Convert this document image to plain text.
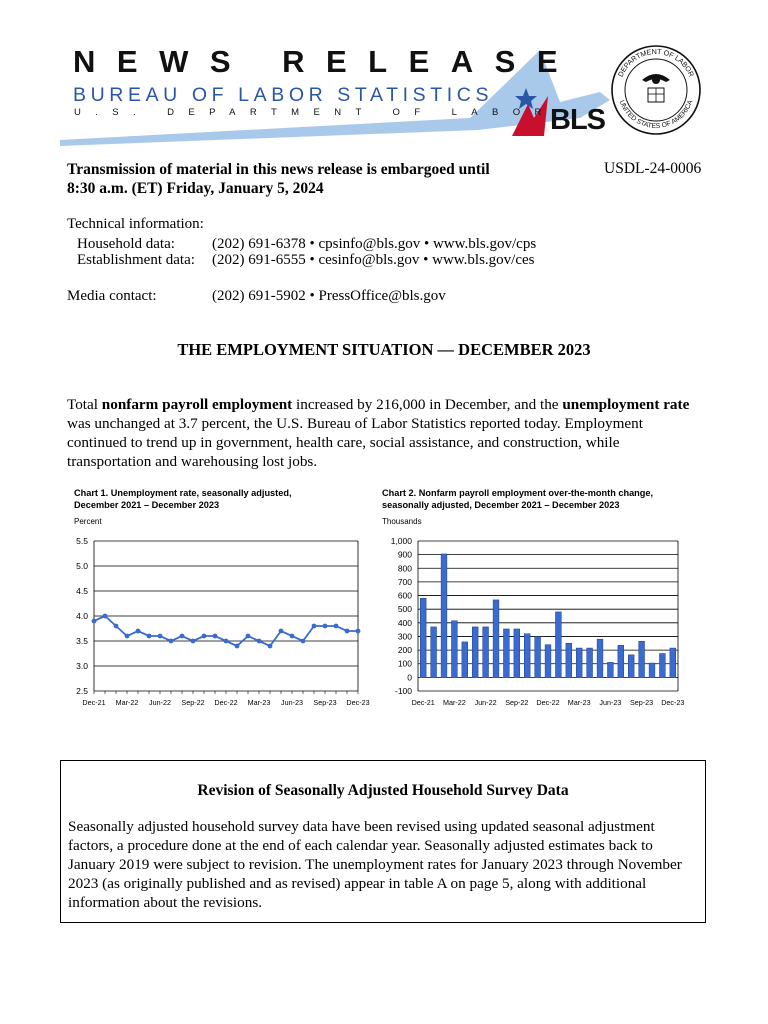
NEWS RELEASE
BUREAU OF LABOR STATISTICS
U.S. DEPARTMENT OF LABOR
BLS
DEPARTMENT OF LABOR
UNITED STATES OF AMERICA
Transmission of material in this news release is embargoed until
8:30 a.m. (ET) Friday, January 5, 2024
USDL-24-0006
Technical information:
Household data: (202) 691-6378 • cpsinfo@bls.gov • www.bls.gov/cps
Establishment data: (202) 691-6555 • cesinfo@bls.gov • www.bls.gov/ces
Media contact:	(202) 691-5902 • PressOffice@bls.gov
THE EMPLOYMENT SITUATION — DECEMBER 2023
Total nonfarm payroll employment increased by 216,000 in December, and the unemployment rate was unchanged at 3.7 percent, the U.S. Bureau of Labor Statistics reported today. Employment continued to trend up in government, health care, social assistance, and construction, while transportation and warehousing lost jobs.
Chart 1. Unemployment rate, seasonally adjusted,
December 2021 – December 2023
Percent
2.5
3.0
3.5
4.0
4.5
5.0
5.5
Dec-21 Mar-22 Jun-22 Sep-22 Dec-22 Mar-23 Jun-23 Sep-23 Dec-23
Chart 2. Nonfarm payroll employment over-the-month change,
seasonally adjusted, December 2021 – December 2023
Thousands
-100
0
100
200
300
400
500
600
700
800
900
1,000
Dec-21 Mar-22 Jun-22 Sep-22 Dec-22 Mar-23 Jun-23 Sep-23 Dec-23
Revision of Seasonally Adjusted Household Survey Data
Seasonally adjusted household survey data have been revised using updated seasonal adjustment factors, a procedure done at the end of each calendar year. Seasonally adjusted estimates back to January 2019 were subject to revision. The unemployment rates for January 2023 through November 2023 (as originally published and as revised) appear in table A on page 5, along with additional information about the revisions.
